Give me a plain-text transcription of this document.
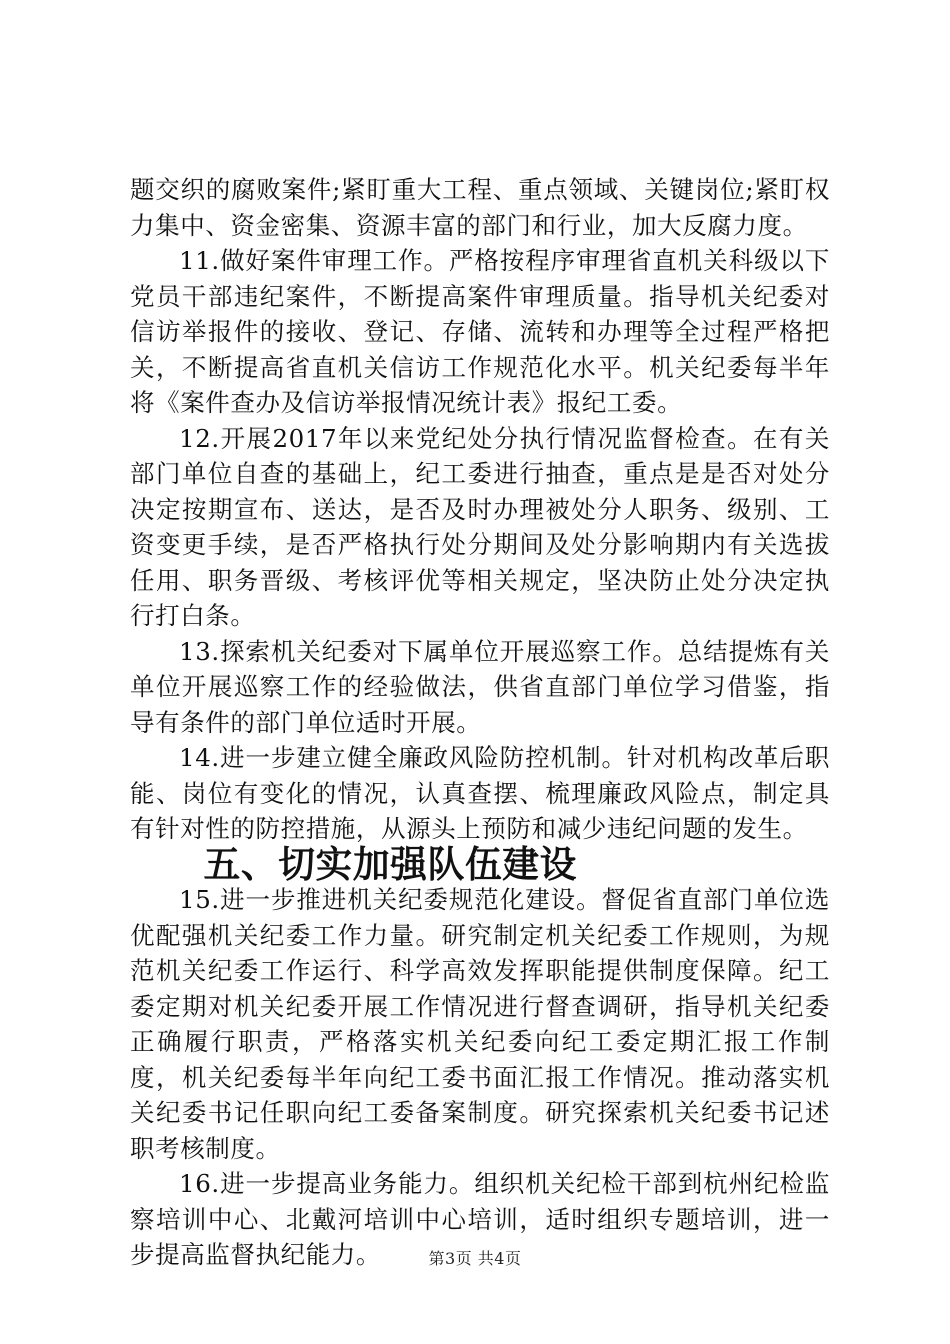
题交织的腐败案件;紧盯重大工程、重点领域、关键岗位;紧盯权力集中、资金密集、资源丰富的部门和行业，加大反腐力度。

11.做好案件审理工作。严格按程序审理省直机关科级以下党员干部违纪案件，不断提高案件审理质量。指导机关纪委对信访举报件的接收、登记、存储、流转和办理等全过程严格把关，不断提高省直机关信访工作规范化水平。机关纪委每半年将《案件查办及信访举报情况统计表》报纪工委。

12.开展2017年以来党纪处分执行情况监督检查。在有关部门单位自查的基础上，纪工委进行抽查，重点是是否对处分决定按期宣布、送达，是否及时办理被处分人职务、级别、工资变更手续，是否严格执行处分期间及处分影响期内有关选拔任用、职务晋级、考核评优等相关规定，坚决防止处分决定执行打白条。

13.探索机关纪委对下属单位开展巡察工作。总结提炼有关单位开展巡察工作的经验做法，供省直部门单位学习借鉴，指导有条件的部门单位适时开展。

14.进一步建立健全廉政风险防控机制。针对机构改革后职能、岗位有变化的情况，认真查摆、梳理廉政风险点，制定具有针对性的防控措施，从源头上预防和减少违纪问题的发生。

五、切实加强队伍建设

15.进一步推进机关纪委规范化建设。督促省直部门单位选优配强机关纪委工作力量。研究制定机关纪委工作规则，为规范机关纪委工作运行、科学高效发挥职能提供制度保障。纪工委定期对机关纪委开展工作情况进行督查调研，指导机关纪委正确履行职责，严格落实机关纪委向纪工委定期汇报工作制度，机关纪委每半年向纪工委书面汇报工作情况。推动落实机关纪委书记任职向纪工委备案制度。研究探索机关纪委书记述职考核制度。

16.进一步提高业务能力。组织机关纪检干部到杭州纪检监察培训中心、北戴河培训中心培训，适时组织专题培训，进一步提高监督执纪能力。	第3页 共4页
